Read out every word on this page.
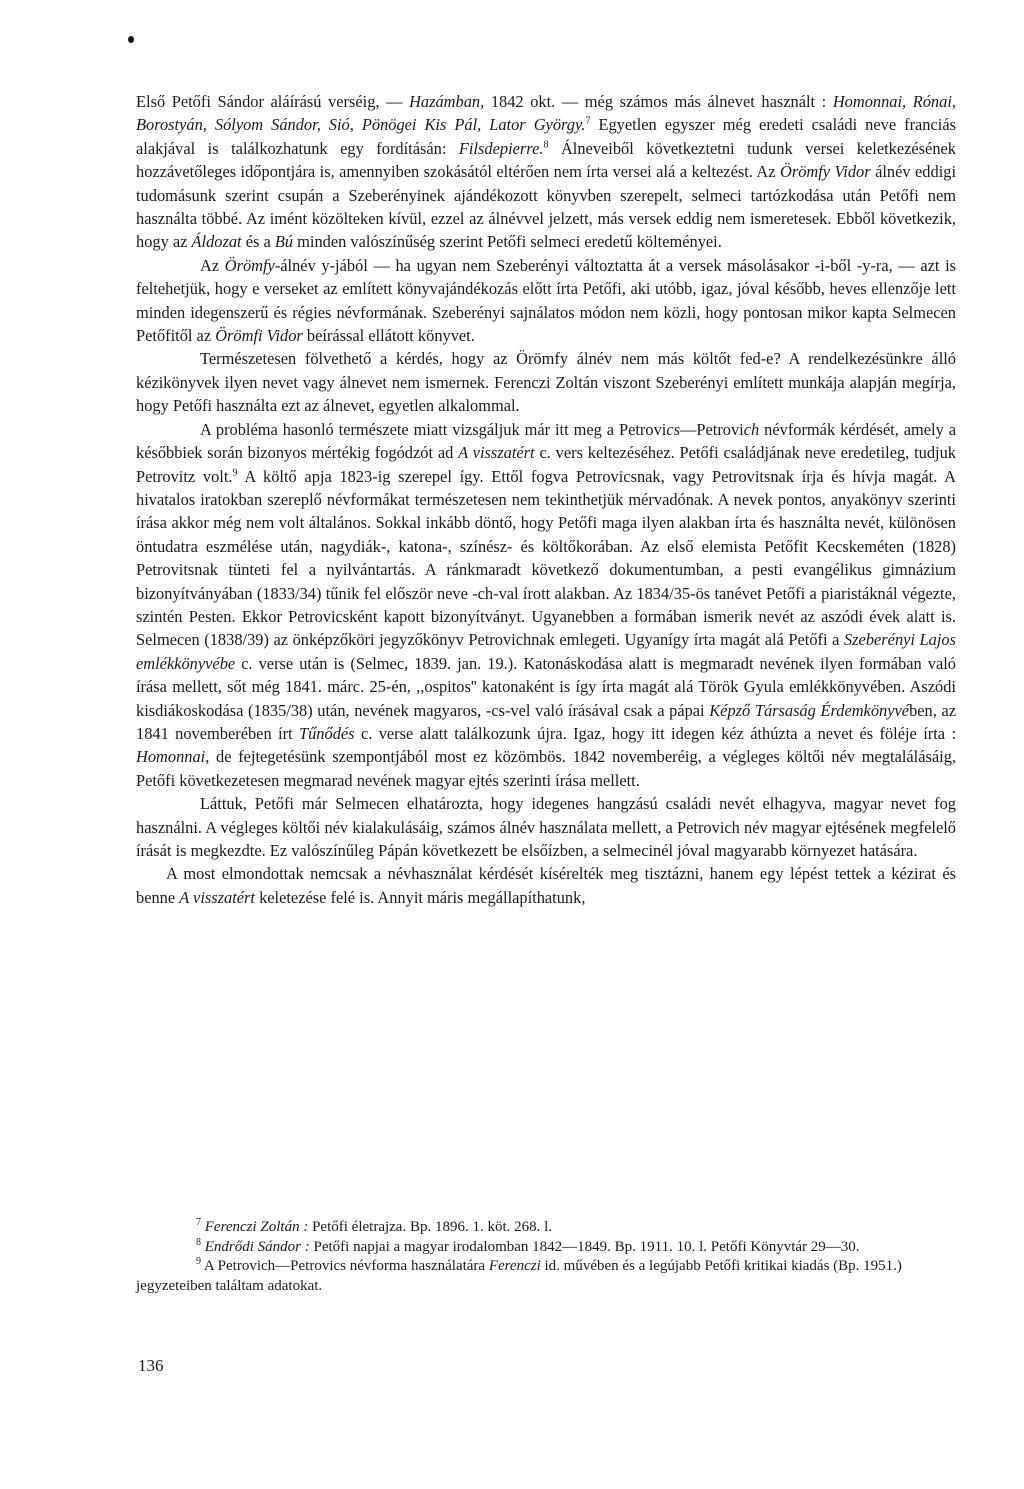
Első Petőfi Sándor aláírású verséig, — Hazámban, 1842 okt. — még számos más álnevet használt : Homonnai, Rónai, Borostyán, Sólyom Sándor, Sió, Pönögei Kis Pál, Lator György.$^7$ Egyetlen egyszer még eredeti családi neve franciás alakjával is találkozhatunk egy fordításán: Filsdepierre.$^8$ Álneveiből következtetni tudunk versei keletkezésének hozzávetőleges időpontjára is, amennyiben szokásától eltérően nem írta versei alá a keltezést. Az Örömfy Vidor álnév eddigi tudomásunk szerint csupán a Szeberényinek ajándékozott könyvben szerepelt, selmeci tartózkodása után Petőfi nem használta többé. Az imént közölteken kívül, ezzel az álnévvel jelzett, más versek eddig nem ismeretesek. Ebből következik, hogy az Áldozat és a Bú minden valószínűség szerint Petőfi selmeci eredetű költeményei.

Az Örömfy-álnév y-jából — ha ugyan nem Szeberényi változtatta át a versek másolásakor -i-ből -y-ra, — azt is feltehetjük, hogy e verseket az említett könyvajándékozás előtt írta Petőfi, aki utóbb, igaz, jóval később, heves ellenzője lett minden idegenszerű és régies névformának. Szeberényi sajnálatos módon nem közli, hogy pontosan mikor kapta Selmecen Petőfitől az Örömfi Vidor beírással ellátott könyvet.

Természetesen fölvethető a kérdés, hogy az Örömfy álnév nem más költőt fed-e? A rendelkezésünkre álló kézikönyvek ilyen nevet vagy álnevet nem ismernek. Ferenczi Zoltán viszont Szeberényi említett munkája alapján megírja, hogy Petőfi használta ezt az álnevet, egyetlen alkalommal.

A probléma hasonló természete miatt vizsgáljuk már itt meg a Petrovics—Petrovich névformák kérdését, amely a későbbiek során bizonyos mértékig fogódzót ad A visszatért c. vers keltezéséhez. Petőfi családjának neve eredetileg, tudjuk Petrovitz volt.$^9$ A költő apja 1823-ig szerepel így. Ettől fogva Petrovicsnak, vagy Petrovitsnak írja és hívja magát. A hivatalos iratokban szereplő névformákat természetesen nem tekinthetjük mérvadónak. A nevek pontos, anyakönyv szerinti írása akkor még nem volt általános. Sokkal inkább döntő, hogy Petőfi maga ilyen alakban írta és használta nevét, különösen öntudatra eszmélése után, nagydiák-, katona-, színész- és költőkorában. Az első elemista Petőfit Kecskeméten (1828) Petrovitsnak tünteti fel a nyilvántartás. A ránkmaradt következő dokumentumban, a pesti evangélikus gimnázium bizonyítványában (1833/34) tűnik fel először neve -ch-val írott alakban. Az 1834/35-ös tanévet Petőfi a piaristáknál végezte, szintén Pesten. Ekkor Petrovicsként kapott bizonyítványt. Ugyanebben a formában ismerik nevét az aszódi évek alatt is. Selmecen (1838/39) az önképzőköri jegyzőkönyv Petrovichnak emlegeti. Ugyanígy írta magát alá Petőfi a Szeberényi Lajos emlékkönyvébe c. verse után is (Selmec, 1839. jan. 19.). Katonáskodása alatt is megmaradt nevének ilyen formában való írása mellett, sőt még 1841. márc. 25-én, ,,ospitos'' katonaként is így írta magát alá Török Gyula emlékkönyvében. Aszódi kisdiákoskodása (1835/38) után, nevének magyaros, -cs-vel való írásával csak a pápai Képző Társaság Érdemkönyvében, az 1841 novemberében írt Tűnődés c. verse alatt találkozunk újra. Igaz, hogy itt idegen kéz áthúzta a nevet és föléje írta : Homonnai, de fejtegetésünk szempontjából most ez közömbös. 1842 novemberéig, a végleges költői név megtalálásáig, Petőfi következetesen megmarad nevének magyar ejtés szerinti írása mellett.

Láttuk, Petőfi már Selmecen elhatározta, hogy idegenes hangzású családi nevét elhagyva, magyar nevet fog használni. A végleges költői név kialakulásáig, számos álnév használata mellett, a Petrovich név magyar ejtésének megfelelő írását is megkezdte. Ez valószínűleg Pápán következett be elsőízben, a selmecinél jóval magyarabb környezet hatására.

A most elmondottak nemcsak a névhasználat kérdését kísérelték meg tisztázni, hanem egy lépést tettek a kézirat és benne A visszatért keletezése felé is. Annyit máris megállapíthatunk,

$^7$ Ferenczi Zoltán : Petőfi életrajza. Bp. 1896. 1. köt. 268. l.

$^8$ Endrődi Sándor : Petőfi napjai a magyar irodalomban 1842—1849. Bp. 1911. 10. l. Petőfi Könyvtár 29—30.

$^9$ A Petrovich—Petrovics névforma használatára Ferenczi id. művében és a legújabb Petőfi kritikai kiadás (Bp. 1951.) jegyzeteiben találtam adatokat.

136
